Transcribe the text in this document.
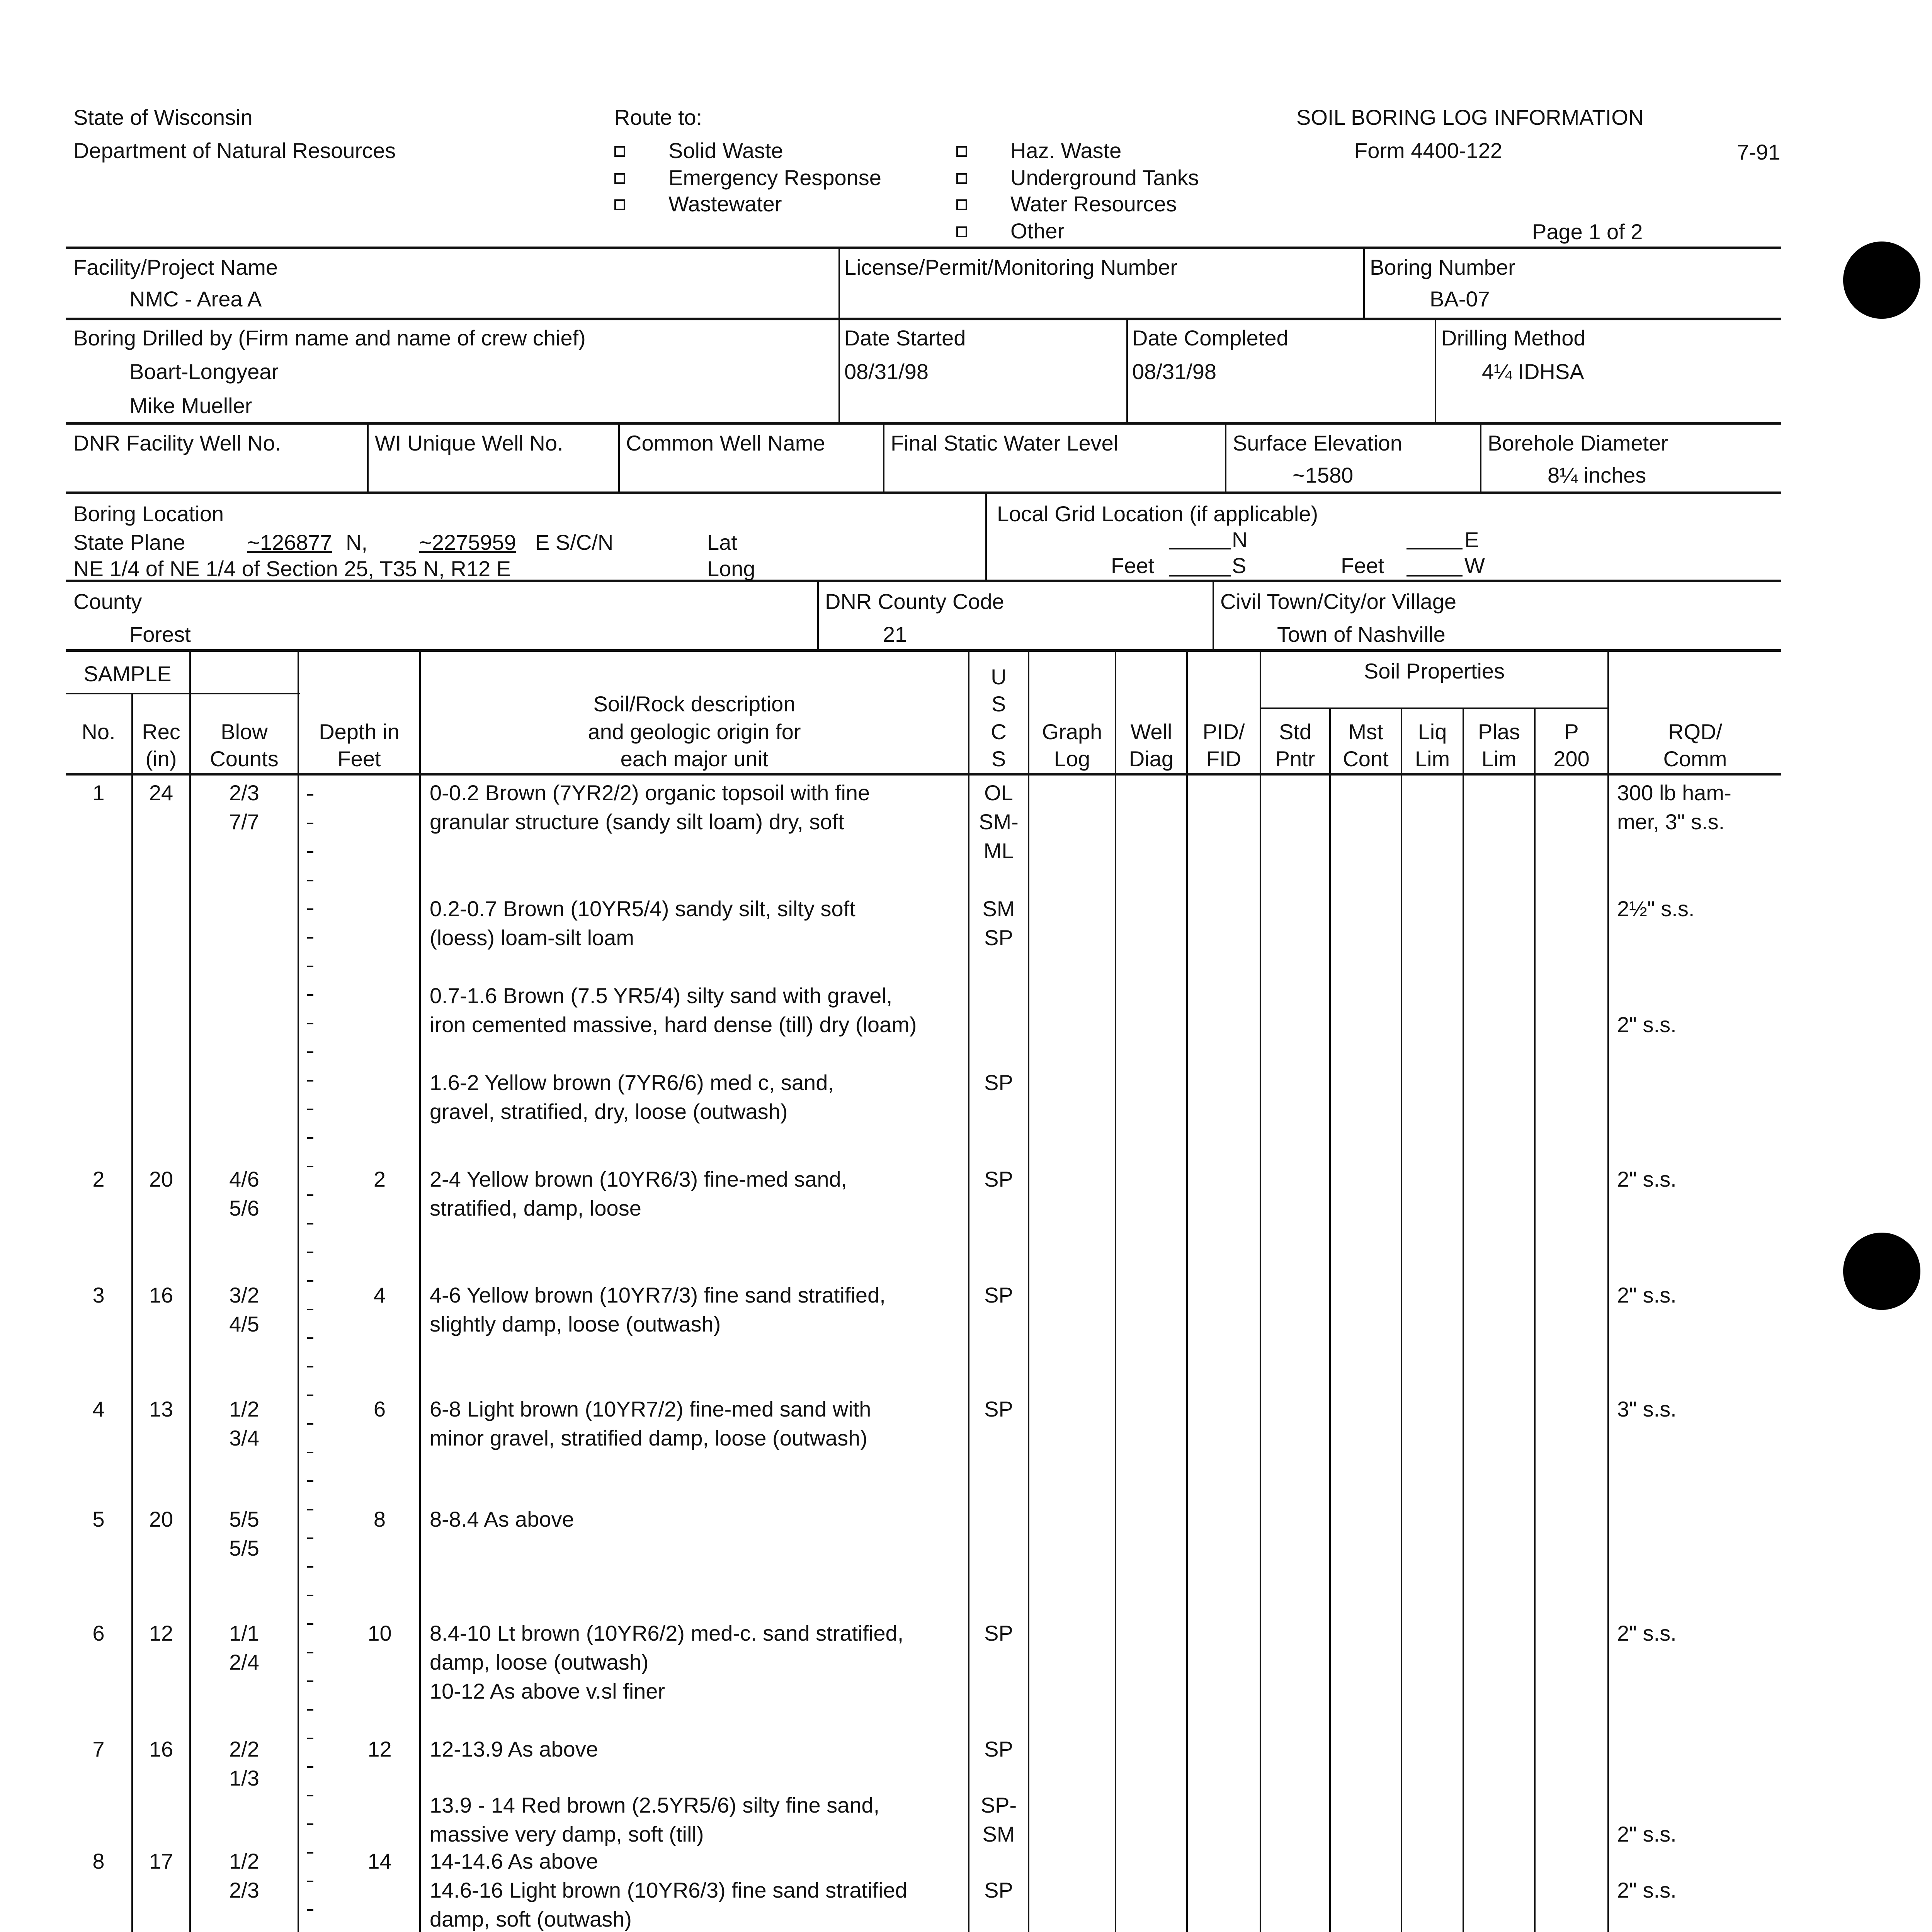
State of Wisconsin
Department of Natural Resources
Route to:
Solid Waste
Emergency Response
Wastewater
Haz. Waste
Underground Tanks
Water Resources
Other
SOIL BORING LOG INFORMATION
Form 4400-122	7-91
Page 1 of 2
Facility/Project Name
NMC - Area A
License/Permit/Monitoring Number	Boring Number
BA-07
Boring Drilled by (Firm name and name of crew chief)
Boart-Longyear
Mike Mueller
Date Started
08/31/98
Date Completed
08/31/98
Drilling Method
4¼ IDHSA
DNR Facility Well No.	WI Unique Well No.	Common Well Name	Final Static Water Level	Surface Elevation
~1580
Borehole Diameter
8¼ inches
Boring Location
State Plane	~126877 N, ~2275959 E S/C/N	Lat
Long
NE 1/4 of NE 1/4 of Section 25, T35 N, R12 E
Local Grid Location (if applicable)
N	E
Feet	S	Feet	W
County
Forest
DNR County Code
21
Civil Town/City/or Village
Town of Nashville
SAMPLE
No.	Rec
(in)
Blow
Counts
Depth in
Feet
Soil/Rock description
and geologic origin for
each major unit
U
S
C
S
Graph
Log
Well
Diag
PID/
FID
Soil Properties
Std
Pntr
Mst
Cont
Liq
Lim
Plas
Lim
P
200
RQD/
Comm
1	24	2/3	0-0.2 Brown (7YR2/2) organic topsoil with fine	OL	300 lb ham-
7/7	granular structure (sandy silt loam) dry, soft	SM-	mer, 3" s.s.
ML
0.2-0.7 Brown (10YR5/4) sandy silt, silty soft	SM	2½" s.s.
(loess) loam-silt loam	SP
0.7-1.6 Brown (7.5 YR5/4) silty sand with gravel,
iron cemented massive, hard dense (till) dry (loam)	2" s.s.
1.6-2 Yellow brown (7YR6/6) med c, sand,	SP
gravel, stratified, dry, loose (outwash)
2	20	4/6	2	2-4 Yellow brown (10YR6/3) fine-med sand,	SP	2" s.s.
5/6	stratified, damp, loose
3	16	3/2	4	4-6 Yellow brown (10YR7/3) fine sand stratified,	SP	2" s.s.
4/5	slightly damp, loose (outwash)
4	13	1/2	6	6-8 Light brown (10YR7/2) fine-med sand with	SP	3" s.s.
3/4	minor gravel, stratified damp, loose (outwash)
5	20	5/5	8	8-8.4 As above
5/5
6	12	1/1	10	8.4-10 Lt brown (10YR6/2) med-c. sand stratified,	SP	2" s.s.
2/4	damp, loose (outwash)
10-12 As above v.sl finer
7	16	2/2	12	12-13.9 As above	SP
1/3
13.9 - 14 Red brown (2.5YR5/6) silty fine sand,	SP-
massive very damp, soft (till)	SM	2" s.s.
8	17	1/2	14	14-14.6 As above
2/3	14.6-16 Light brown (10YR6/3) fine sand stratified	SP	2" s.s.
damp, soft (outwash)
